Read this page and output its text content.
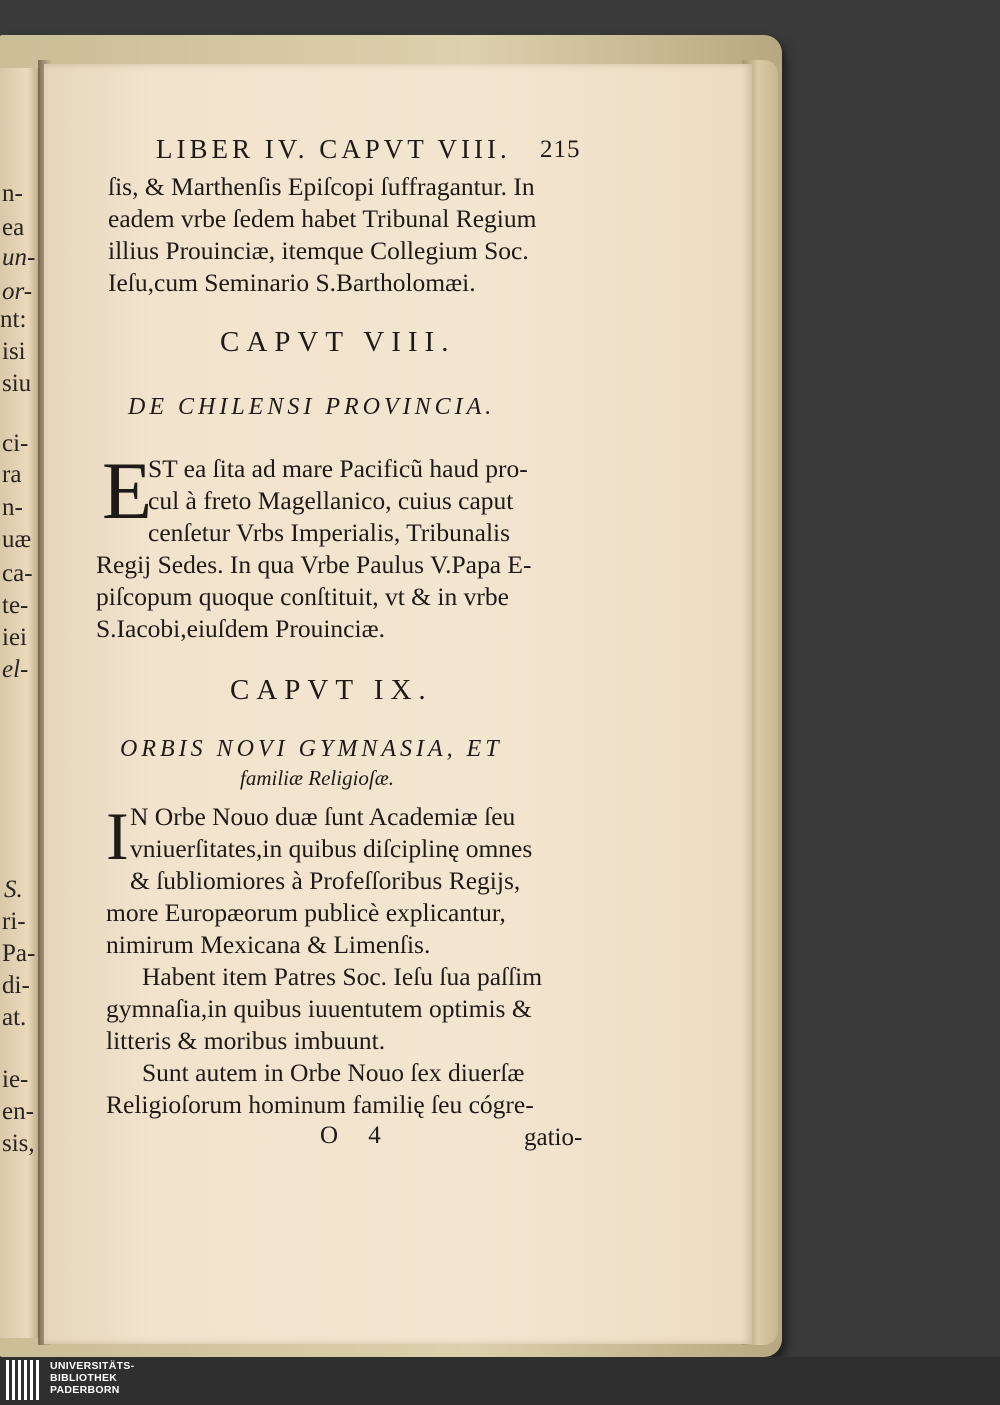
n-
ea
un-
or-
nt:
isi
siu
ci-
ra
n-
uæ
ca-
te-
iei
el-
S.
ri-
Pa-
di-
at.
ie-
en-
sis,
LIBER IV. CAPVT VIII. 215
ſis, & Marthenſis Epiſcopi ſuffragantur. In
eadem vrbe ſedem habet Tribunal Regium
illius Prouinciæ, itemque Collegium Soc.
Ieſu,cum Seminario S.Bartholomæi.
CAPVT VIII.
DE CHILENSI PROVINCIA.
E
ST ea ſita ad mare Pacificũ haud pro-
cul à freto Magellanico, cuius caput
cenſetur Vrbs Imperialis, Tribunalis
Regij Sedes. In qua Vrbe Paulus V.Papa E-
piſcopum quoque conſtituit, vt & in vrbe
S.Iacobi,eiuſdem Prouinciæ.
CAPVT IX.
ORBIS NOVI GYMNASIA, ET
familiæ Religioſæ.
I N Orbe Nouo duæ ſunt Academiæ ſeu
vniuerſitates,in quibus diſciplinę omnes
& ſubliomiores à Profeſſoribus Regijs,
more Europæorum publicè explicantur,
nimirum Mexicana & Limenſis.
Habent item Patres Soc. Ieſu ſua paſſim
gymnaſia,in quibus iuuentutem optimis &
litteris & moribus imbuunt.
Sunt autem in Orbe Nouo ſex diuerſæ
Religioſorum hominum familię ſeu cógre-
O 4	gatio-
UNIVERSITÄTS-
BIBLIOTHEK
PADERBORN
